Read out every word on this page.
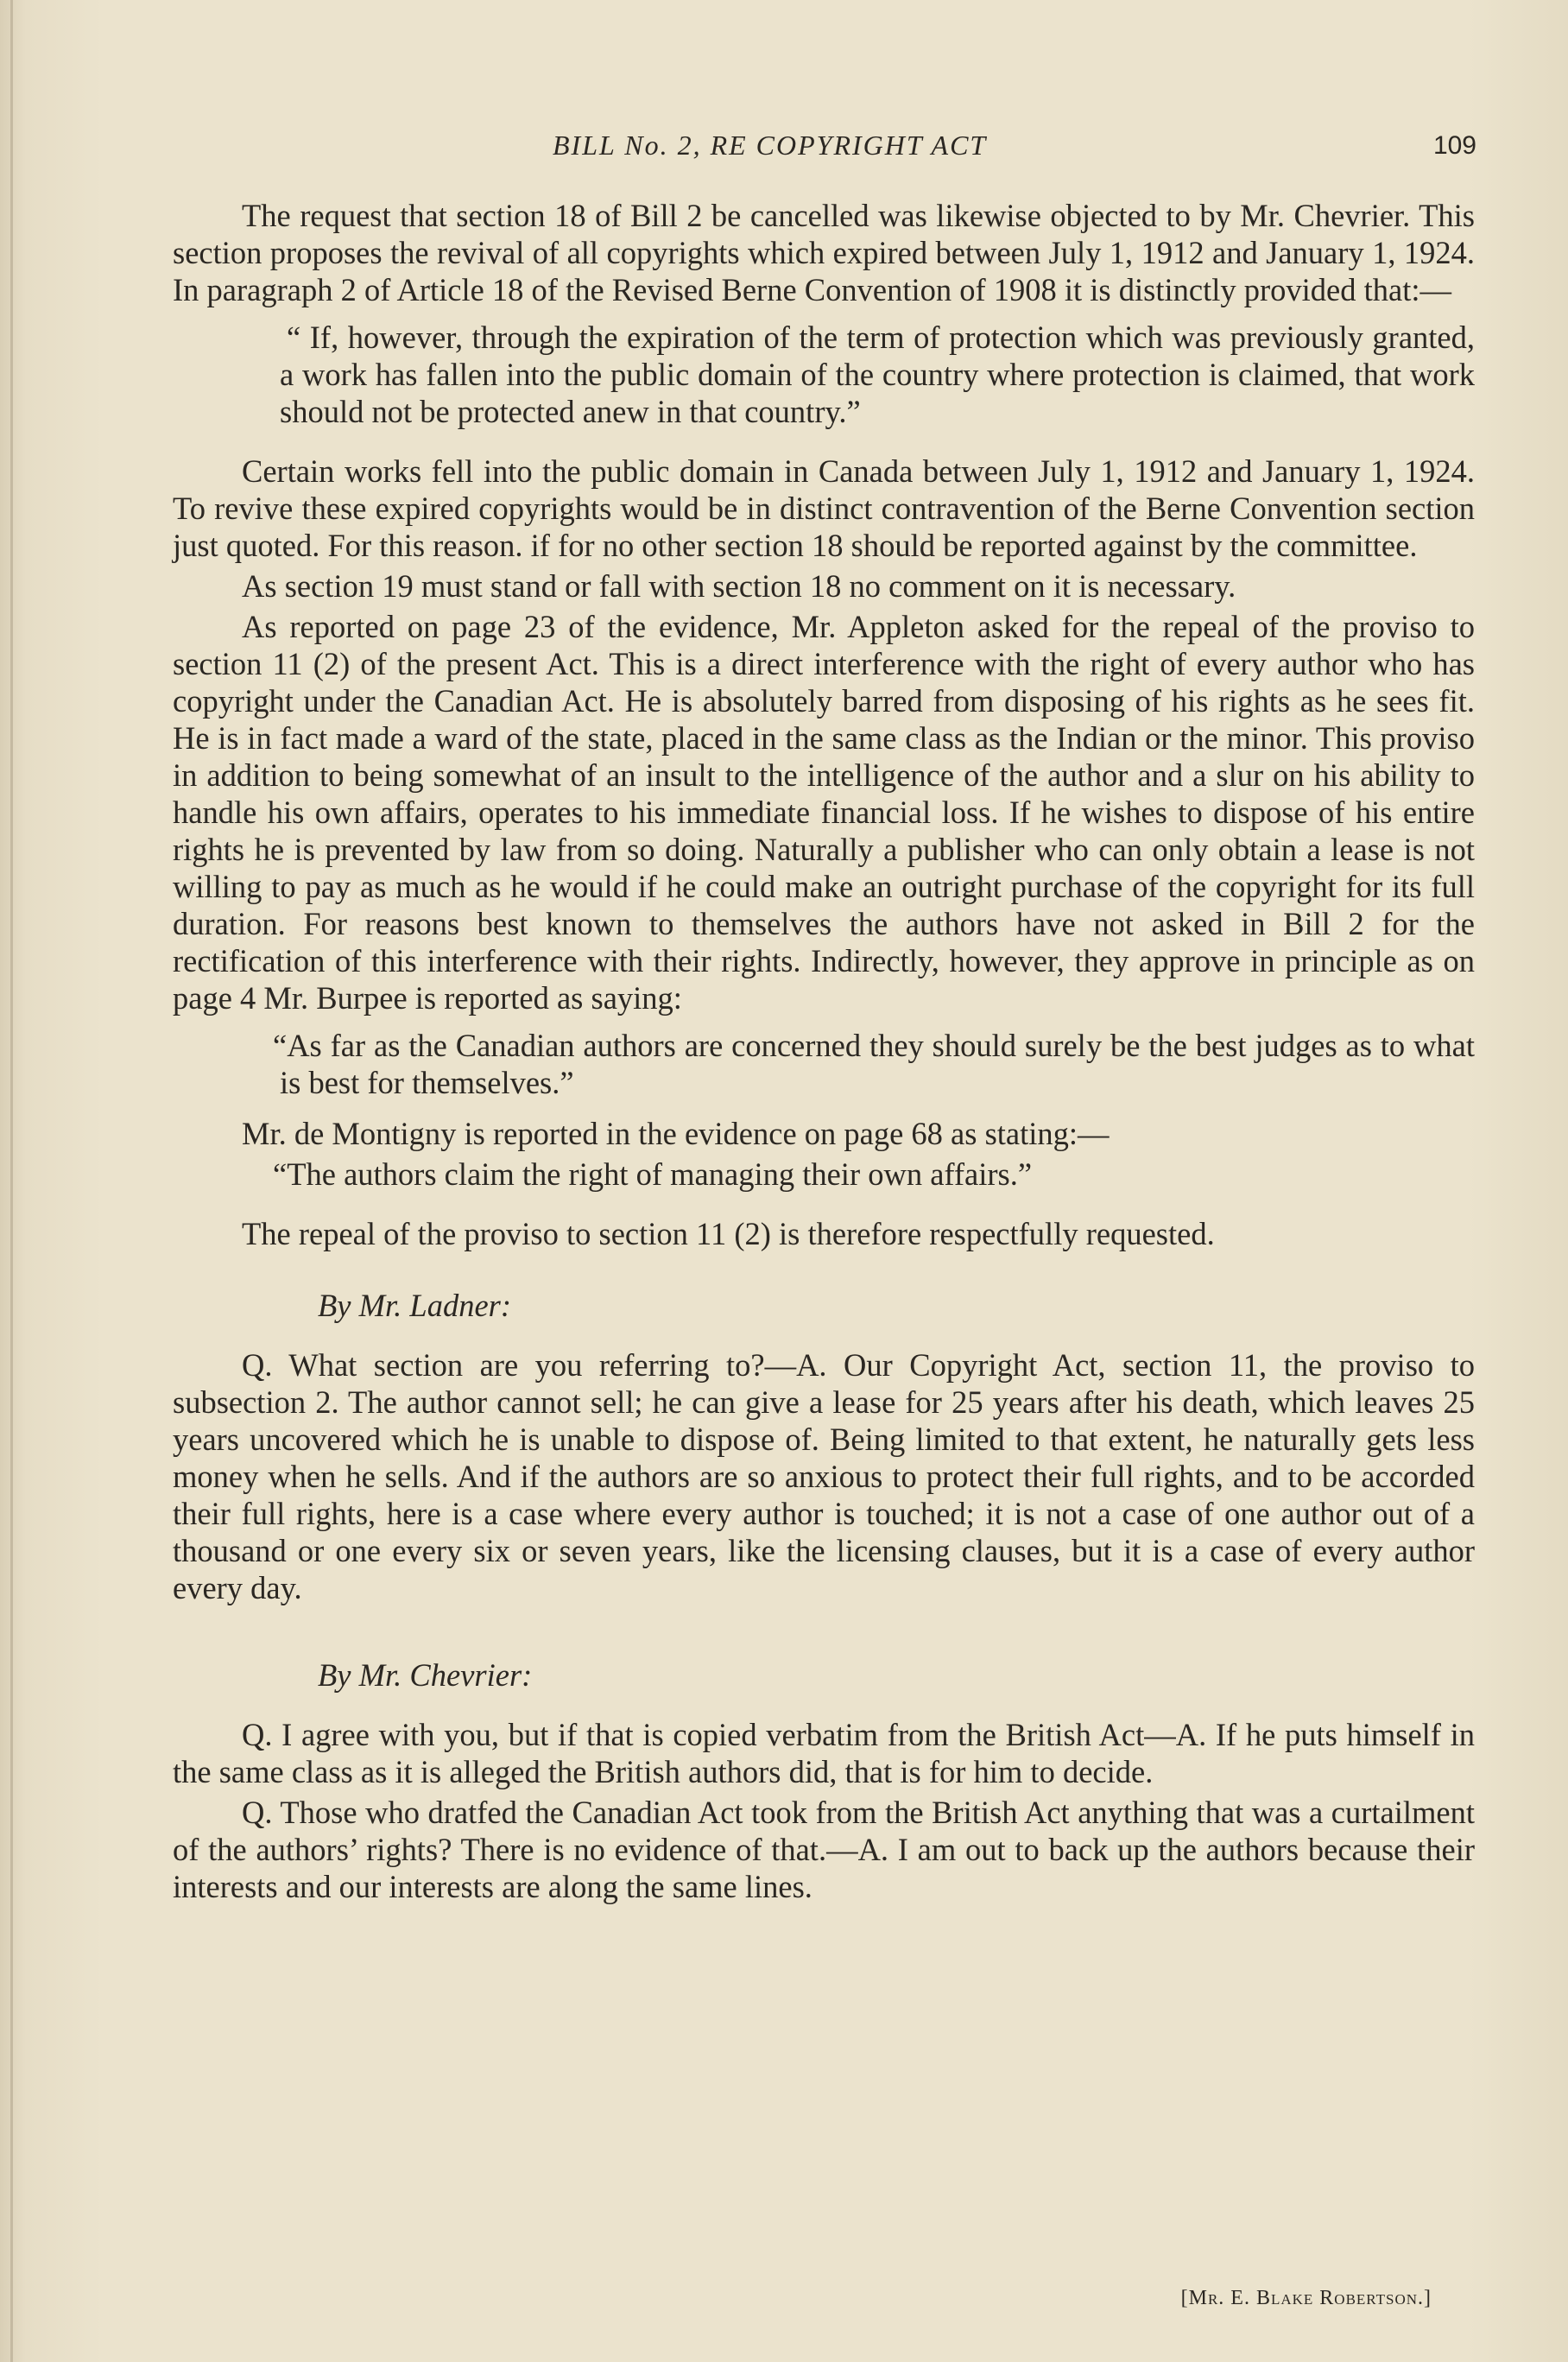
BILL No. 2, RE COPYRIGHT ACT	109

The request that section 18 of Bill 2 be cancelled was likewise objected to by Mr. Chevrier. This section proposes the revival of all copyrights which expired between July 1, 1912 and January 1, 1924. In paragraph 2 of Article 18 of the Revised Berne Convention of 1908 it is distinctly provided that:—

“ If, however, through the expiration of the term of protection which was previously granted, a work has fallen into the public domain of the country where protection is claimed, that work should not be protected anew in that country.”

Certain works fell into the public domain in Canada between July 1, 1912 and January 1, 1924. To revive these expired copyrights would be in distinct contravention of the Berne Convention section just quoted. For this reason. if for no other section 18 should be reported against by the committee.

As section 19 must stand or fall with section 18 no comment on it is necessary.

As reported on page 23 of the evidence, Mr. Appleton asked for the repeal of the proviso to section 11 (2) of the present Act. This is a direct interference with the right of every author who has copyright under the Canadian Act. He is absolutely barred from disposing of his rights as he sees fit. He is in fact made a ward of the state, placed in the same class as the Indian or the minor. This proviso in addition to being somewhat of an insult to the intelligence of the author and a slur on his ability to handle his own affairs, operates to his immediate financial loss. If he wishes to dispose of his entire rights he is prevented by law from so doing. Naturally a publisher who can only obtain a lease is not willing to pay as much as he would if he could make an outright purchase of the copyright for its full duration. For reasons best known to themselves the authors have not asked in Bill 2 for the rectification of this interference with their rights. Indirectly, however, they approve in principle as on page 4 Mr. Burpee is reported as saying:

“As far as the Canadian authors are concerned they should surely be the best judges as to what is best for themselves.”

Mr. de Montigny is reported in the evidence on page 68 as stating:—

“The authors claim the right of managing their own affairs.”

The repeal of the proviso to section 11 (2) is therefore respectfully requested.

By Mr. Ladner:

Q. What section are you referring to?—A. Our Copyright Act, section 11, the proviso to subsection 2. The author cannot sell; he can give a lease for 25 years after his death, which leaves 25 years uncovered which he is unable to dispose of. Being limited to that extent, he naturally gets less money when he sells. And if the authors are so anxious to protect their full rights, and to be accorded their full rights, here is a case where every author is touched; it is not a case of one author out of a thousand or one every six or seven years, like the licensing clauses, but it is a case of every author every day.

By Mr. Chevrier:

Q. I agree with you, but if that is copied verbatim from the British Act—A. If he puts himself in the same class as it is alleged the British authors did, that is for him to decide.

Q. Those who dratfed the Canadian Act took from the British Act anything that was a curtailment of the authors’ rights? There is no evidence of that.—A. I am out to back up the authors because their interests and our interests are along the same lines.

[Mr. E. Blake Robertson.]
